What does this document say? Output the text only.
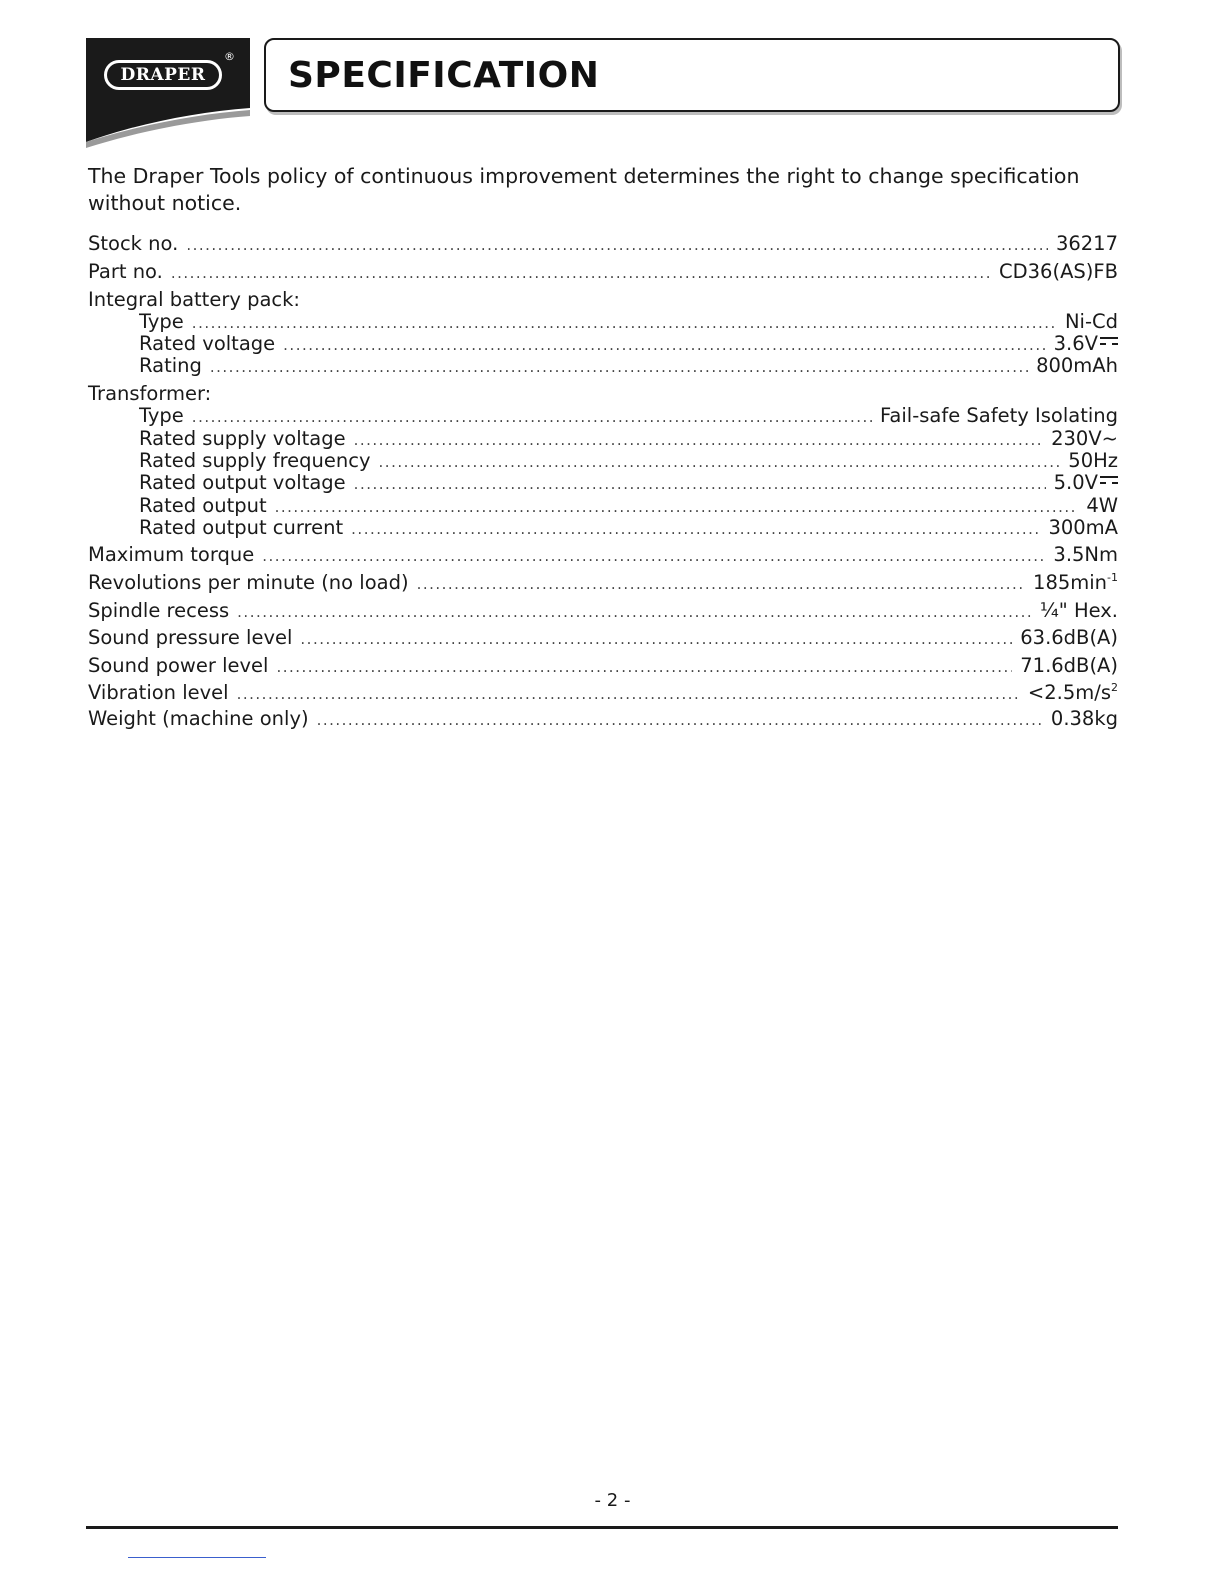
DRAPER
® SPECIFICATION
The Draper Tools policy of continuous improvement determines the right to change specification without notice.
Stock no. .....	36217
Part no. .....	CD36(AS)FB
Integral battery pack:
Type .....	Ni-Cd
Rated voltage .....	3.6V
Rating .....	800mAh
Transformer:
Type .....	Fail-safe Safety Isolating
Rated supply voltage .....	230V~
Rated supply frequency .....	50Hz
Rated output voltage .....	5.0V
Rated output .....	4W
Rated output current .....	300mA
Maximum torque .....	3.5Nm
Revolutions per minute (no load) .....	$185\min^{-1}$
Spindle recess .....	¼" Hex.
Sound pressure level .....	63.6dB(A)
Sound power level .....	71.6dB(A)
Vibration level .....	$<2.5m/s^2$
Weight (machine only) .....	0.38kg
- 2 -
